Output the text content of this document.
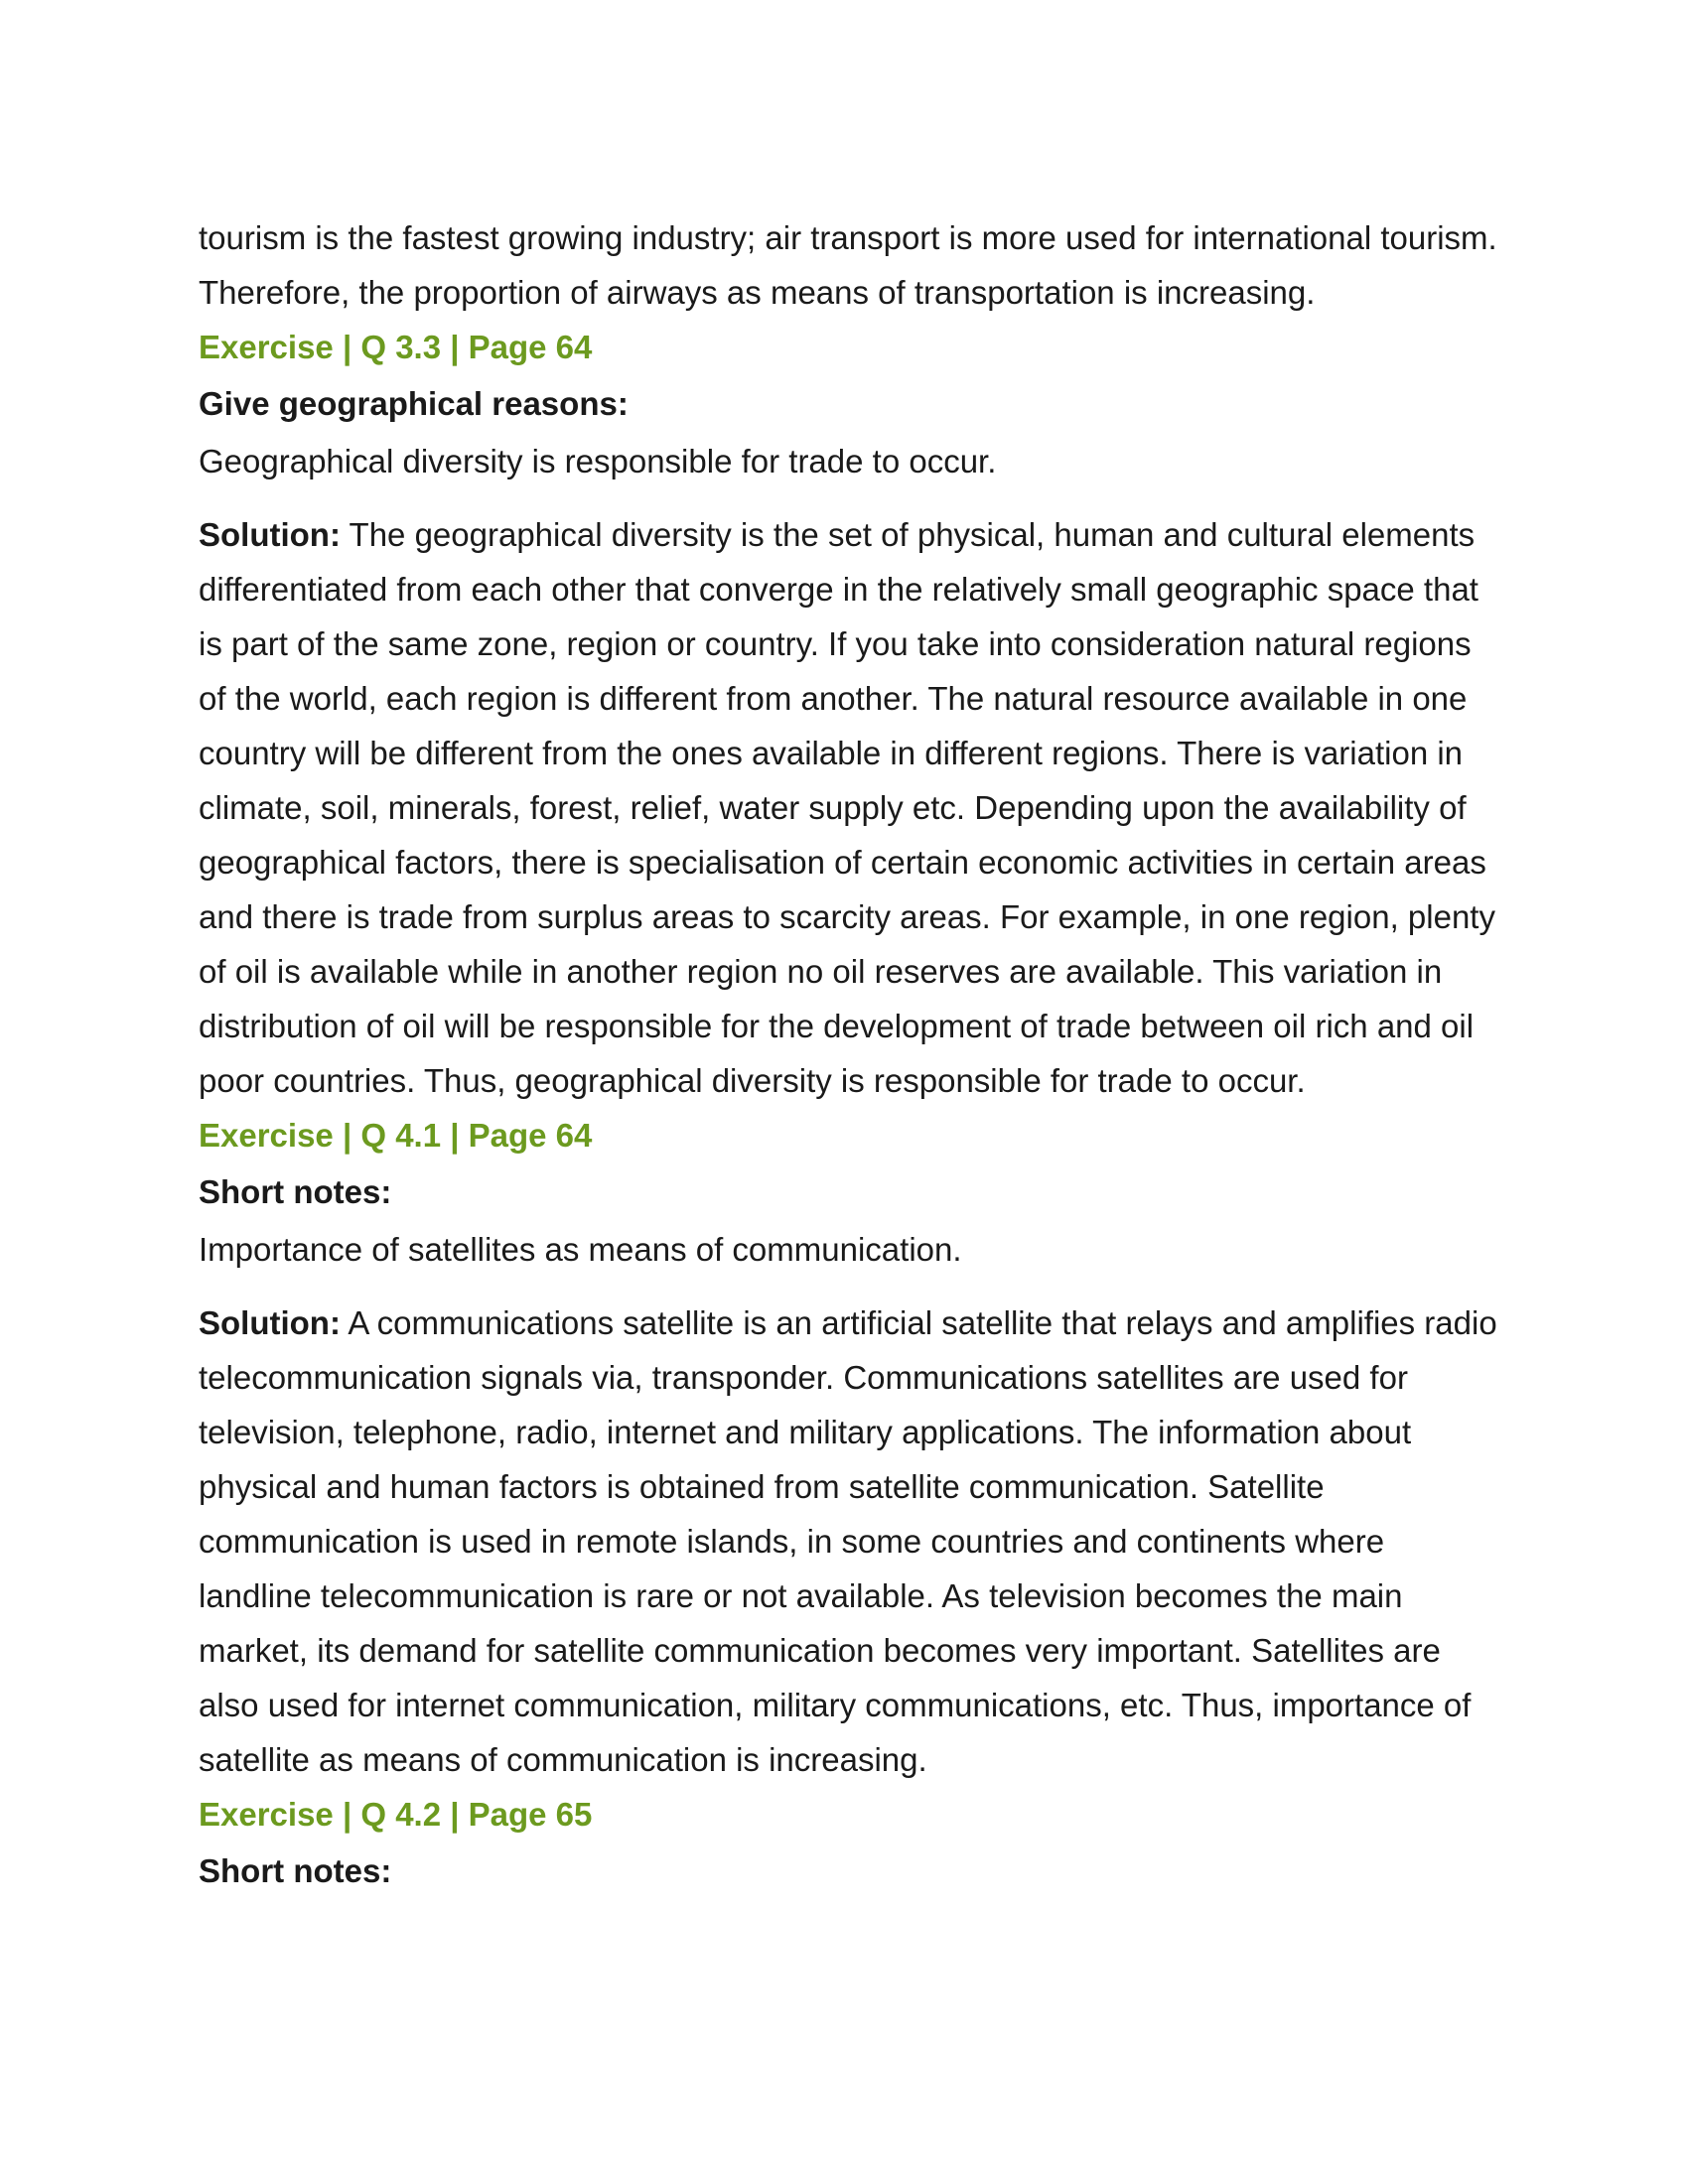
tourism is the fastest growing industry; air transport is more used for international tourism. Therefore, the proportion of airways as means of transportation is increasing.

Exercise | Q 3.3 | Page 64

Give geographical reasons:

Geographical diversity is responsible for trade to occur.

Solution: The geographical diversity is the set of physical, human and cultural elements differentiated from each other that converge in the relatively small geographic space that is part of the same zone, region or country. If you take into consideration natural regions of the world, each region is different from another. The natural resource available in one country will be different from the ones available in different regions. There is variation in climate, soil, minerals, forest, relief, water supply etc. Depending upon the availability of geographical factors, there is specialisation of certain economic activities in certain areas and there is trade from surplus areas to scarcity areas. For example, in one region, plenty of oil is available while in another region no oil reserves are available. This variation in distribution of oil will be responsible for the development of trade between oil rich and oil poor countries. Thus, geographical diversity is responsible for trade to occur.

Exercise | Q 4.1 | Page 64

Short notes:

Importance of satellites as means of communication.

Solution: A communications satellite is an artificial satellite that relays and amplifies radio telecommunication signals via, transponder. Communications satellites are used for television, telephone, radio, internet and military applications. The information about physical and human factors is obtained from satellite communication. Satellite communication is used in remote islands, in some countries and continents where landline telecommunication is rare or not available. As television becomes the main market, its demand for satellite communication becomes very important. Satellites are also used for internet communication, military communications, etc. Thus, importance of satellite as means of communication is increasing.

Exercise | Q 4.2 | Page 65

Short notes:
